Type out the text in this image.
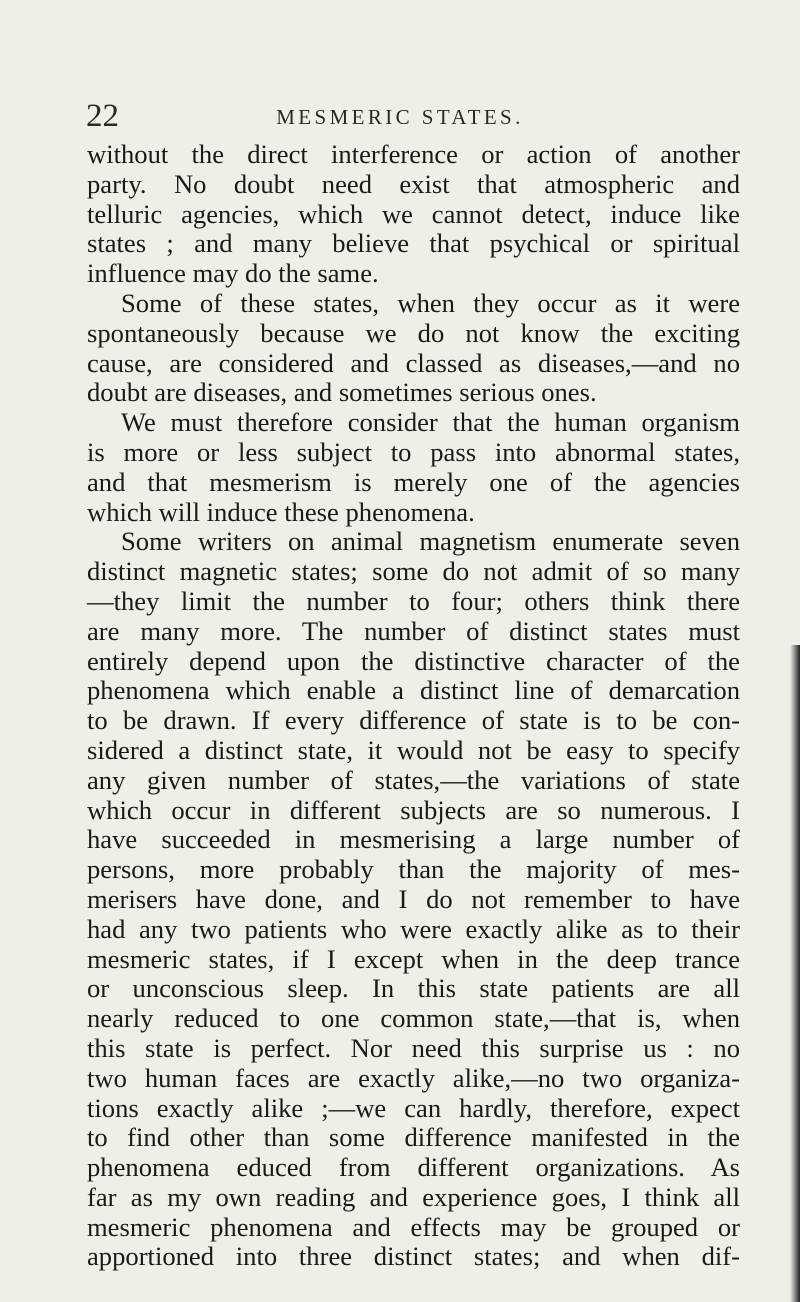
22	MESMERIC STATES.
without the direct interference or action of another
party. No doubt need exist that atmospheric and
telluric agencies, which we cannot detect, induce like
states ; and many believe that psychical or spiritual
influence may do the same.
Some of these states, when they occur as it were
spontaneously because we do not know the exciting
cause, are considered and classed as diseases,—and no
doubt are diseases, and sometimes serious ones.
We must therefore consider that the human organism
is more or less subject to pass into abnormal states,
and that mesmerism is merely one of the agencies
which will induce these phenomena.
Some writers on animal magnetism enumerate seven
distinct magnetic states; some do not admit of so many
—they limit the number to four; others think there
are many more. The number of distinct states must
entirely depend upon the distinctive character of the
phenomena which enable a distinct line of demarcation
to be drawn. If every difference of state is to be con-
sidered a distinct state, it would not be easy to specify
any given number of states,—the variations of state
which occur in different subjects are so numerous. I
have succeeded in mesmerising a large number of
persons, more probably than the majority of mes-
merisers have done, and I do not remember to have
had any two patients who were exactly alike as to their
mesmeric states, if I except when in the deep trance
or unconscious sleep. In this state patients are all
nearly reduced to one common state,—that is, when
this state is perfect. Nor need this surprise us : no
two human faces are exactly alike,—no two organiza-
tions exactly alike ;—we can hardly, therefore, expect
to find other than some difference manifested in the
phenomena educed from different organizations. As
far as my own reading and experience goes, I think all
mesmeric phenomena and effects may be grouped or
apportioned into three distinct states; and when dif-
